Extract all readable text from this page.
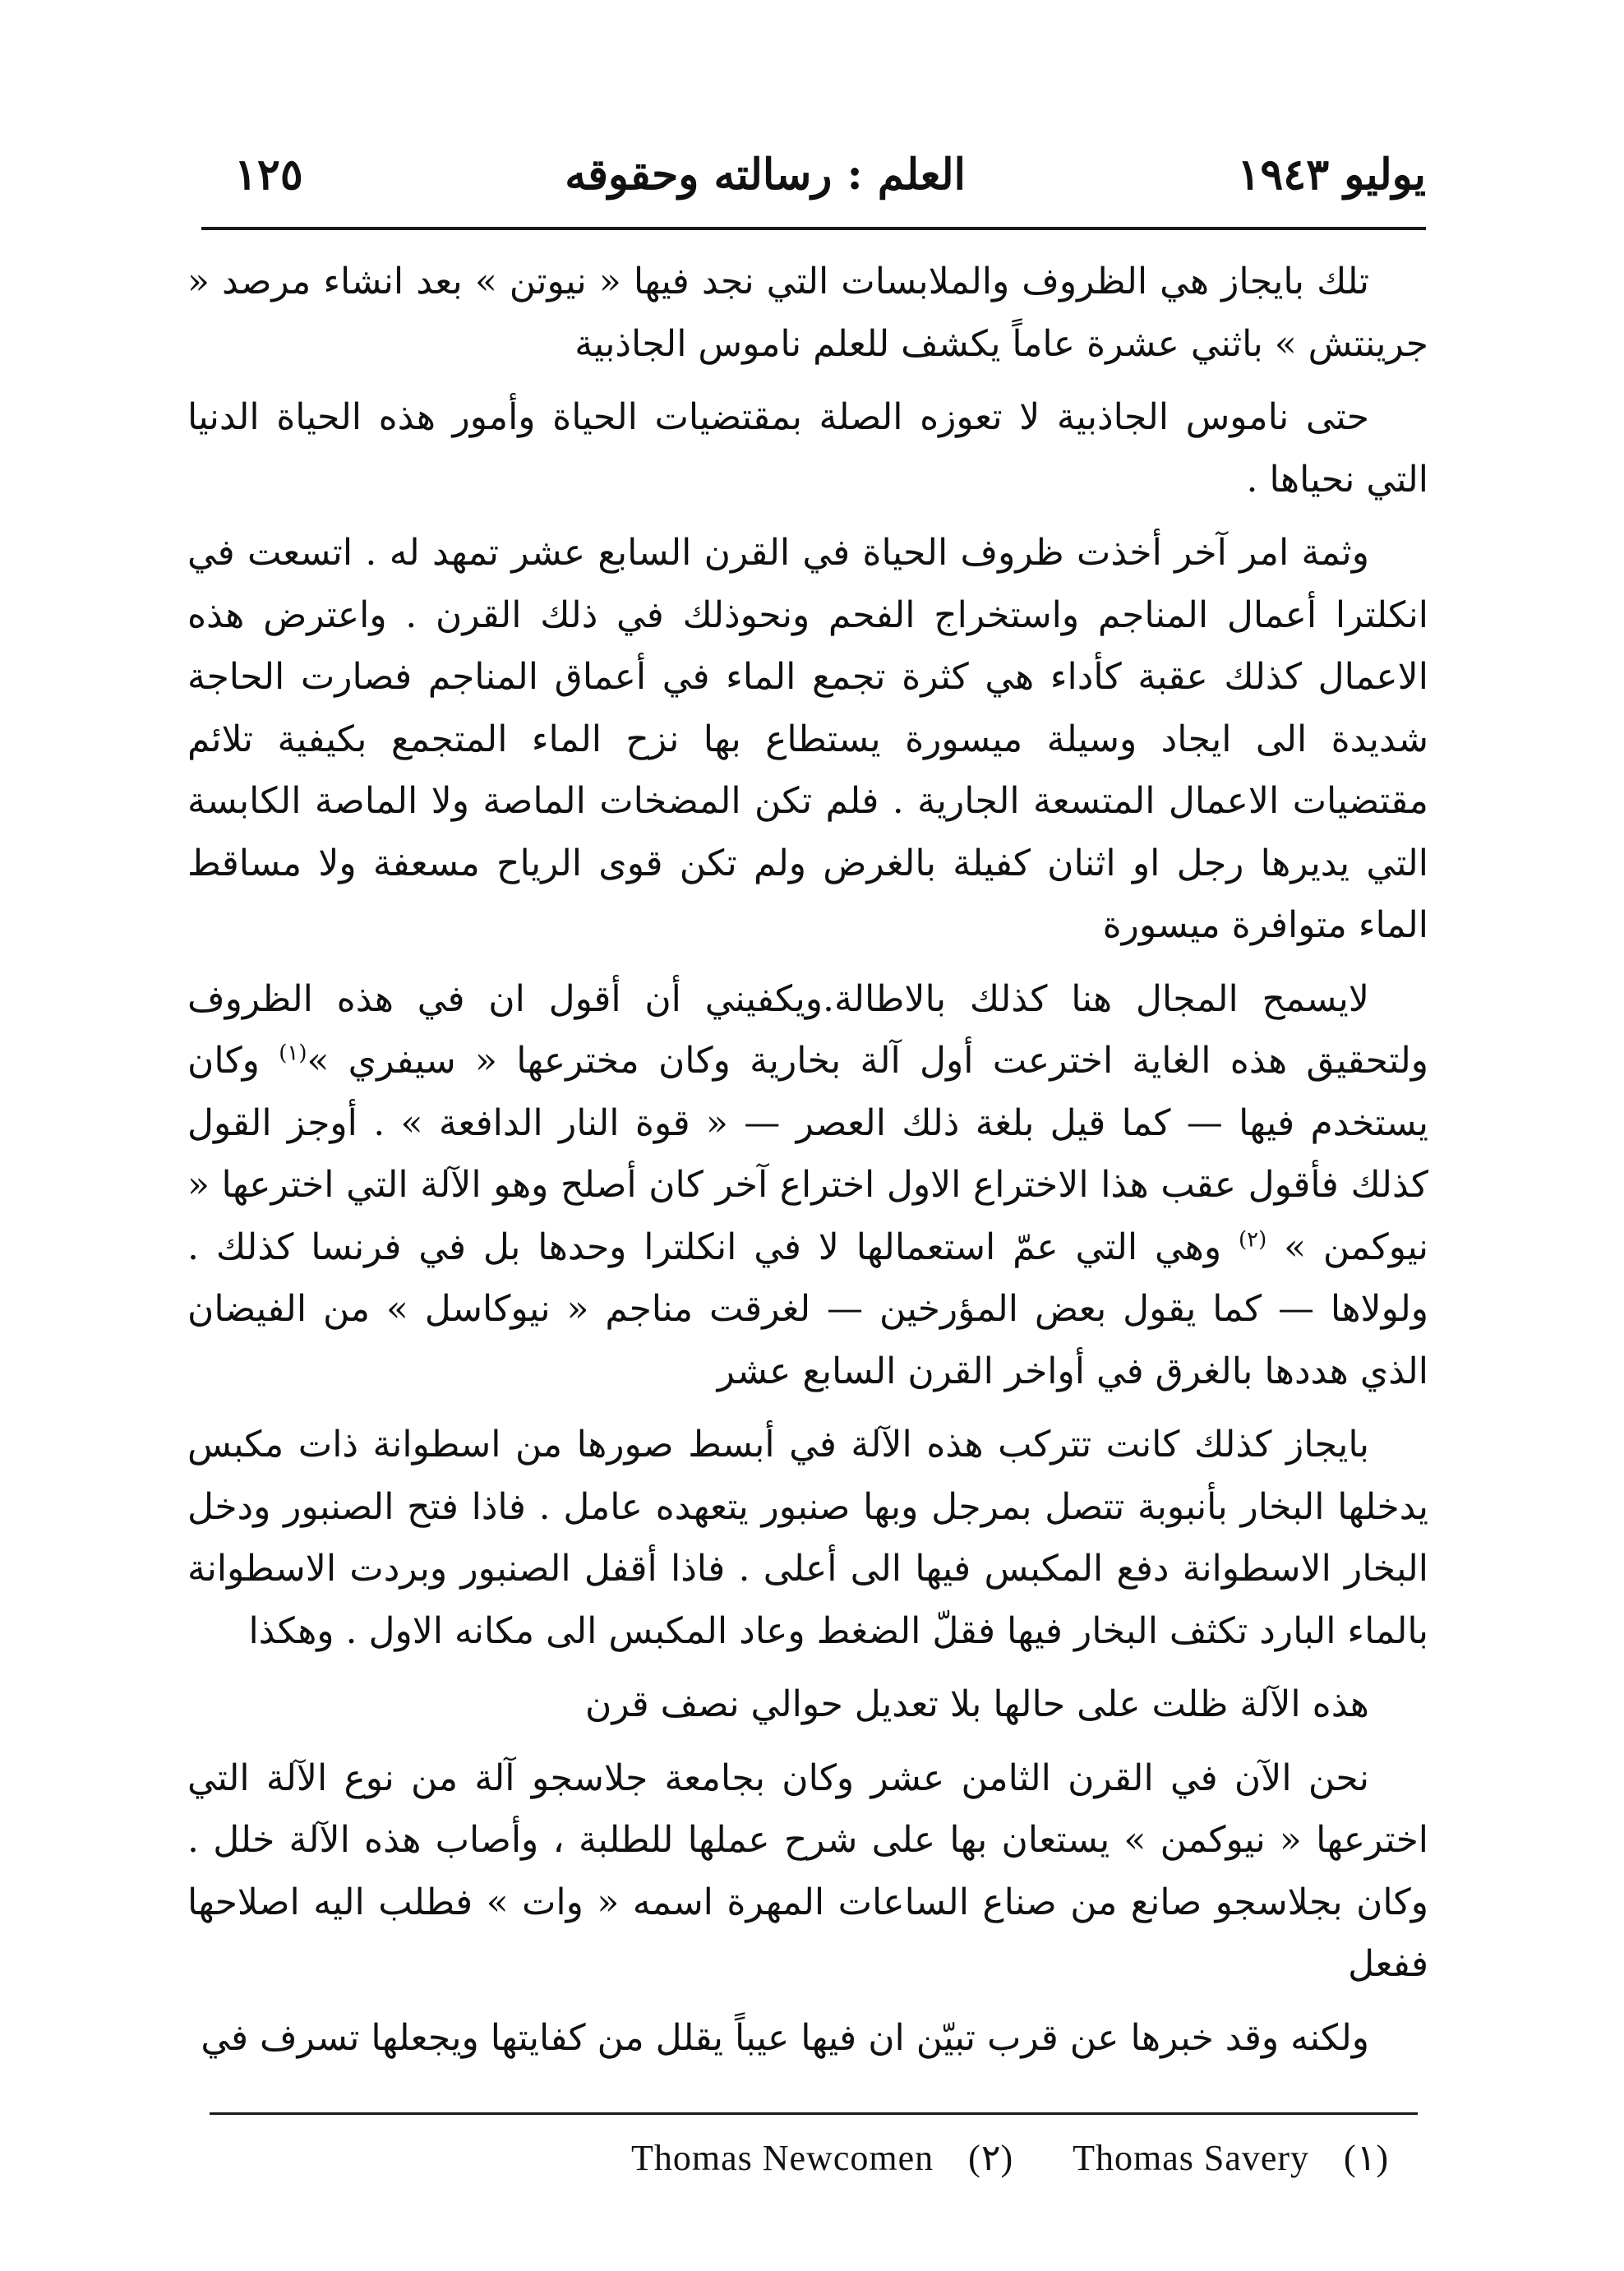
يوليو ١٩٤٣
العلم : رسالته وحقوقه
١٢٥

تلك بايجاز هي الظروف والملابسات التي نجد فيها « نيوتن » بعد انشاء مرصد « جرينتش » باثني عشرة عاماً يكشف للعلم ناموس الجاذبية

حتى ناموس الجاذبية لا تعوزه الصلة بمقتضيات الحياة وأمور هذه الحياة الدنيا التي نحياها .

وثمة امر آخر أخذت ظروف الحياة في القرن السابع عشر تمهد له . اتسعت في انكلترا أعمال المناجم واستخراج الفحم ونحوذلك في ذلك القرن . واعترض هذه الاعمال كذلك عقبة كأداء هي كثرة تجمع الماء في أعماق المناجم فصارت الحاجة شديدة الى ايجاد وسيلة ميسورة يستطاع بها نزح الماء المتجمع بكيفية تلائم مقتضيات الاعمال المتسعة الجارية . فلم تكن المضخات الماصة ولا الماصة الكابسة التي يديرها رجل او اثنان كفيلة بالغرض ولم تكن قوى الرياح مسعفة ولا مساقط الماء متوافرة ميسورة

لايسمح المجال هنا كذلك بالاطالة.ويكفيني أن أقول ان في هذه الظروف ولتحقيق هذه الغاية اخترعت أول آلة بخارية وكان مخترعها « سيفري »$^{(١)}$ وكان يستخدم فيها — كما قيل بلغة ذلك العصر — « قوة النار الدافعة » . أوجز القول كذلك فأقول عقب هذا الاختراع الاول اختراع آخر كان أصلح وهو الآلة التي اخترعها « نيوكمن » $^{(٢)}$ وهي التي عمّ استعمالها لا في انكلترا وحدها بل في فرنسا كذلك . ولولاها — كما يقول بعض المؤرخين — لغرقت مناجم « نيوكاسل » من الفيضان الذي هددها بالغرق في أواخر القرن السابع عشر

بايجاز كذلك كانت تتركب هذه الآلة في أبسط صورها من اسطوانة ذات مكبس يدخلها البخار بأنبوبة تتصل بمرجل وبها صنبور يتعهده عامل . فاذا فتح الصنبور ودخل البخار الاسطوانة دفع المكبس فيها الى أعلى . فاذا أقفل الصنبور وبردت الاسطوانة بالماء البارد تكثف البخار فيها فقلّ الضغط وعاد المكبس الى مكانه الاول . وهكذا

هذه الآلة ظلت على حالها بلا تعديل حوالي نصف قرن

نحن الآن في القرن الثامن عشر وكان بجامعة جلاسجو آلة من نوع الآلة التي اخترعها « نيوكمن » يستعان بها على شرح عملها للطلبة ، وأصاب هذه الآلة خلل . وكان بجلاسجو صانع من صناع الساعات المهرة اسمه « وات » فطلب اليه اصلاحها ففعل

ولكنه وقد خبرها عن قرب تبيّن ان فيها عيباً يقلل من كفايتها ويجعلها تسرف في

Thomas Newcomen (٢) Thomas Savery (١)
